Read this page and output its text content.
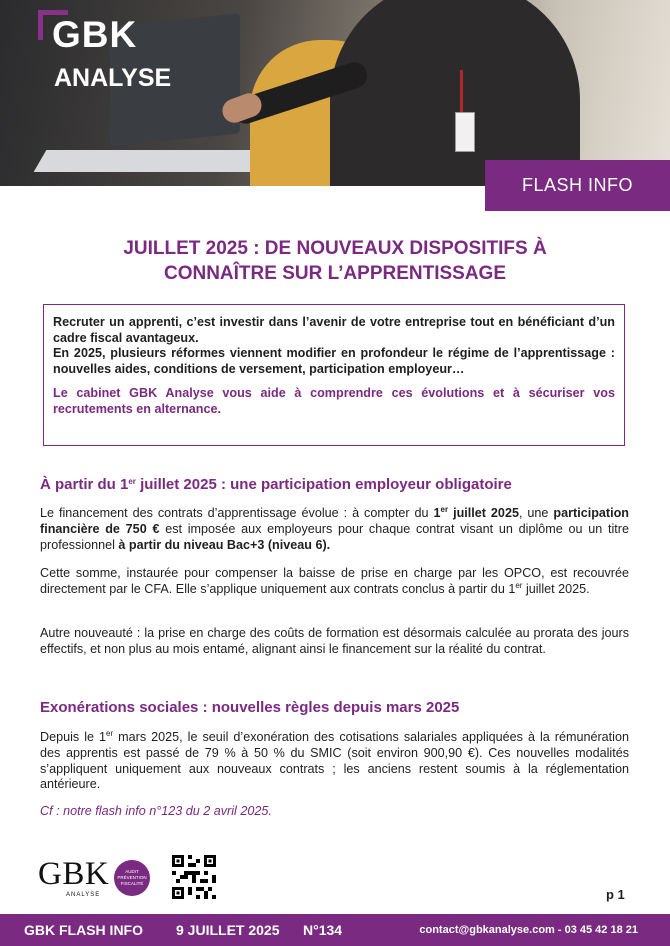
GBK
ANALYSE
FLASH INFO
JUILLET 2025 : DE NOUVEAUX DISPOSITIFS À
CONNAÎTRE SUR L’APPRENTISSAGE

Recruter un apprenti, c’est investir dans l’avenir de votre entreprise tout en bénéficiant d’un cadre fiscal avantageux.

En 2025, plusieurs réformes viennent modifier en profondeur le régime de l’apprentissage : nouvelles aides, conditions de versement, participation employeur…

Le cabinet GBK Analyse vous aide à comprendre ces évolutions et à sécuriser vos recrutements en alternance.

À partir du 1er juillet 2025 : une participation employeur obligatoire

Le financement des contrats d’apprentissage évolue : à compter du 1er juillet 2025, une participation financière de 750 € est imposée aux employeurs pour chaque contrat visant un diplôme ou un titre professionnel à partir du niveau Bac+3 (niveau 6).

Cette somme, instaurée pour compenser la baisse de prise en charge par les OPCO, est recouvrée directement par le CFA. Elle s’applique uniquement aux contrats conclus à partir du 1er juillet 2025.

Autre nouveauté : la prise en charge des coûts de formation est désormais calculée au prorata des jours effectifs, et non plus au mois entamé, alignant ainsi le financement sur la réalité du contrat.

Exonérations sociales : nouvelles règles depuis mars 2025

Depuis le 1er mars 2025, le seuil d’exonération des cotisations salariales appliquées à la rémunération des apprentis est passé de 79 % à 50 % du SMIC (soit environ 900,90 €). Ces nouvelles modalités s’appliquent uniquement aux nouveaux contrats ; les anciens restent soumis à la réglementation antérieure.

Cf : notre flash info n°123 du 2 avril 2025.
GBK
ANALYSE
AUDIT PRÉVENTION FISCALITÉ
p 1
GBK FLASH INFO 9 JUILLET 2025 N°134	contact@gbkanalyse.com - 03 45 42 18 21
